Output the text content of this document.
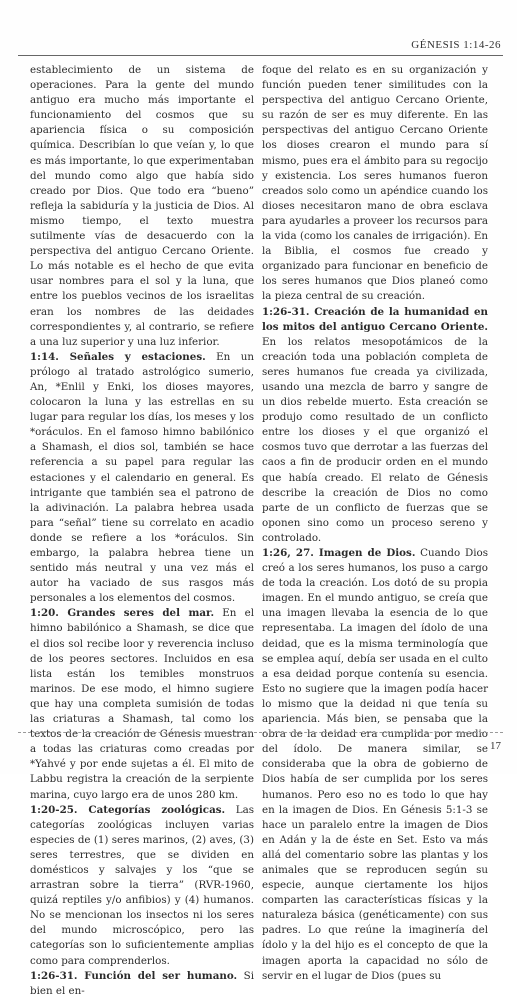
GÉNESIS 1:14-26

establecimiento de un sistema de operaciones. Para la gente del mundo antiguo era mucho más importante el funcionamiento del cosmos que su apariencia física o su composición química. Describían lo que veían y, lo que es más importante, lo que experimentaban del mundo como algo que había sido creado por Dios. Que todo era “bueno” refleja la sabiduría y la justicia de Dios. Al mismo tiempo, el texto muestra sutilmente vías de desacuerdo con la perspectiva del antiguo Cercano Oriente. Lo más notable es el hecho de que evita usar nombres para el sol y la luna, que entre los pueblos vecinos de los israelitas eran los nombres de las deidades correspondientes y, al contrario, se refiere a una luz superior y una luz inferior.

1:14. Señales y estaciones. En un prólogo al tratado astrológico sumerio, An, *Enlil y Enki, los dioses mayores, colocaron la luna y las estrellas en su lugar para regular los días, los meses y los *oráculos. En el famoso himno babilónico a Shamash, el dios sol, también se hace referencia a su papel para regular las estaciones y el calendario en general. Es intrigante que también sea el patrono de la adivinación. La palabra hebrea usada para “señal” tiene su correlato en acadio donde se refiere a los *oráculos. Sin embargo, la palabra hebrea tiene un sentido más neutral y una vez más el autor ha vaciado de sus rasgos más personales a los elementos del cosmos.

1:20. Grandes seres del mar. En el himno babilónico a Shamash, se dice que el dios sol recibe loor y reverencia incluso de los peores sectores. Incluidos en esa lista están los temibles monstruos marinos. De ese modo, el himno sugiere que hay una completa sumisión de todas las criaturas a Shamash, tal como los textos de la creación de Génesis muestran a todas las criaturas como creadas por *Yahvé y por ende sujetas a él. El mito de Labbu registra la creación de la serpiente marina, cuyo largo era de unos 280 km.

1:20-25. Categorías zoológicas. Las categorías zoológicas incluyen varias especies de (1) seres marinos, (2) aves, (3) seres terrestres, que se dividen en domésticos y salvajes y los “que se arrastran sobre la tierra” (RVR-1960, quizá reptiles y/o anfibios) y (4) humanos. No se mencionan los insectos ni los seres del mundo microscópico, pero las categorías son lo suficientemente amplias como para comprenderlos.

1:26-31. Función del ser humano. Si bien el en-

foque del relato es en su organización y función pueden tener similitudes con la perspectiva del antiguo Cercano Oriente, su razón de ser es muy diferente. En las perspectivas del antiguo Cercano Oriente los dioses crearon el mundo para sí mismo, pues era el ámbito para su regocijo y existencia. Los seres humanos fueron creados solo como un apéndice cuando los dioses necesitaron mano de obra esclava para ayudarles a proveer los recursos para la vida (como los canales de irrigación). En la Biblia, el cosmos fue creado y organizado para funcionar en beneficio de los seres humanos que Dios planeó como la pieza central de su creación.

1:26-31. Creación de la humanidad en los mitos del antiguo Cercano Oriente. En los relatos mesopotámicos de la creación toda una población completa de seres humanos fue creada ya civilizada, usando una mezcla de barro y sangre de un dios rebelde muerto. Esta creación se produjo como resultado de un conflicto entre los dioses y el que organizó el cosmos tuvo que derrotar a las fuerzas del caos a fin de producir orden en el mundo que había creado. El relato de Génesis describe la creación de Dios no como parte de un conflicto de fuerzas que se oponen sino como un proceso sereno y controlado.

1:26, 27. Imagen de Dios. Cuando Dios creó a los seres humanos, los puso a cargo de toda la creación. Los dotó de su propia imagen. En el mundo antiguo, se creía que una imagen llevaba la esencia de lo que representaba. La imagen del ídolo de una deidad, que es la misma terminología que se emplea aquí, debía ser usada en el culto a esa deidad porque contenía su esencia. Esto no sugiere que la imagen podía hacer lo mismo que la deidad ni que tenía su apariencia. Más bien, se pensaba que la obra de la deidad era cumplida por medio del ídolo. De manera similar, se consideraba que la obra de gobierno de Dios había de ser cumplida por los seres humanos. Pero eso no es todo lo que hay en la imagen de Dios. En Génesis 5:1-3 se hace un paralelo entre la imagen de Dios en Adán y la de éste en Set. Esto va más allá del comentario sobre las plantas y los animales que se reproducen según su especie, aunque ciertamente los hijos comparten las características físicas y la naturaleza básica (genéticamente) con sus padres. Lo que reúne la imaginería del ídolo y la del hijo es el concepto de que la imagen aporta la capacidad no sólo de servir en el lugar de Dios (pues su

17
